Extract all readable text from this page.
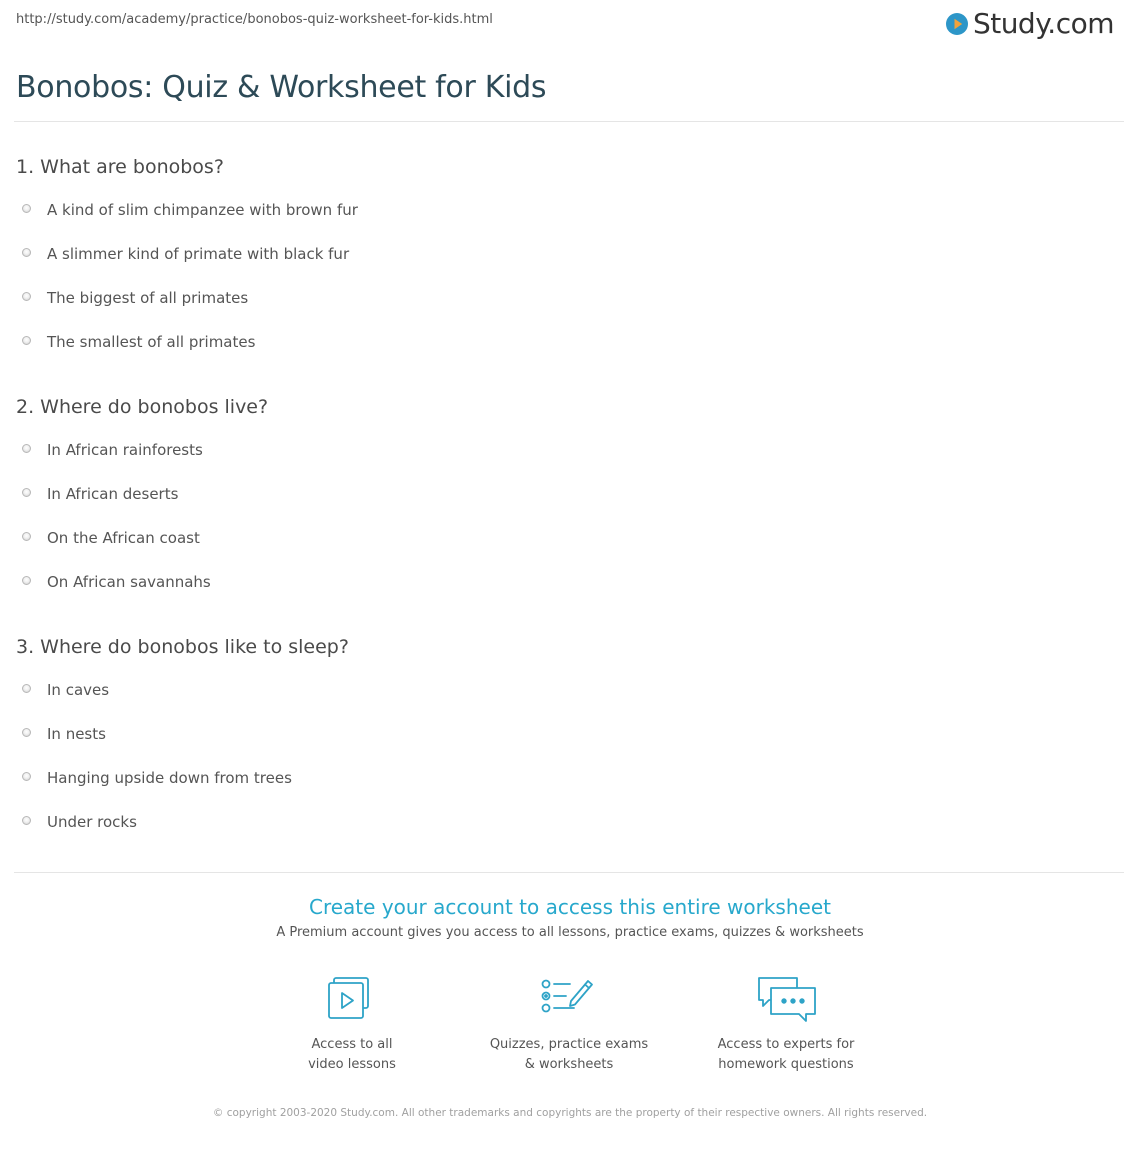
http://study.com/academy/practice/bonobos-quiz-worksheet-for-kids.html	Study.com
Bonobos: Quiz & Worksheet for Kids
1. What are bonobos?
A kind of slim chimpanzee with brown fur
A slimmer kind of primate with black fur
The biggest of all primates
The smallest of all primates
2. Where do bonobos live?
In African rainforests
In African deserts
On the African coast
On African savannahs
3. Where do bonobos like to sleep?
In caves
In nests
Hanging upside down from trees
Under rocks
Create your account to access this entire worksheet
A Premium account gives you access to all lessons, practice exams, quizzes & worksheets
Access to all
video lessons
Quizzes, practice exams
& worksheets
Access to experts for
homework questions
© copyright 2003-2020 Study.com. All other trademarks and copyrights are the property of their respective owners. All rights reserved.
